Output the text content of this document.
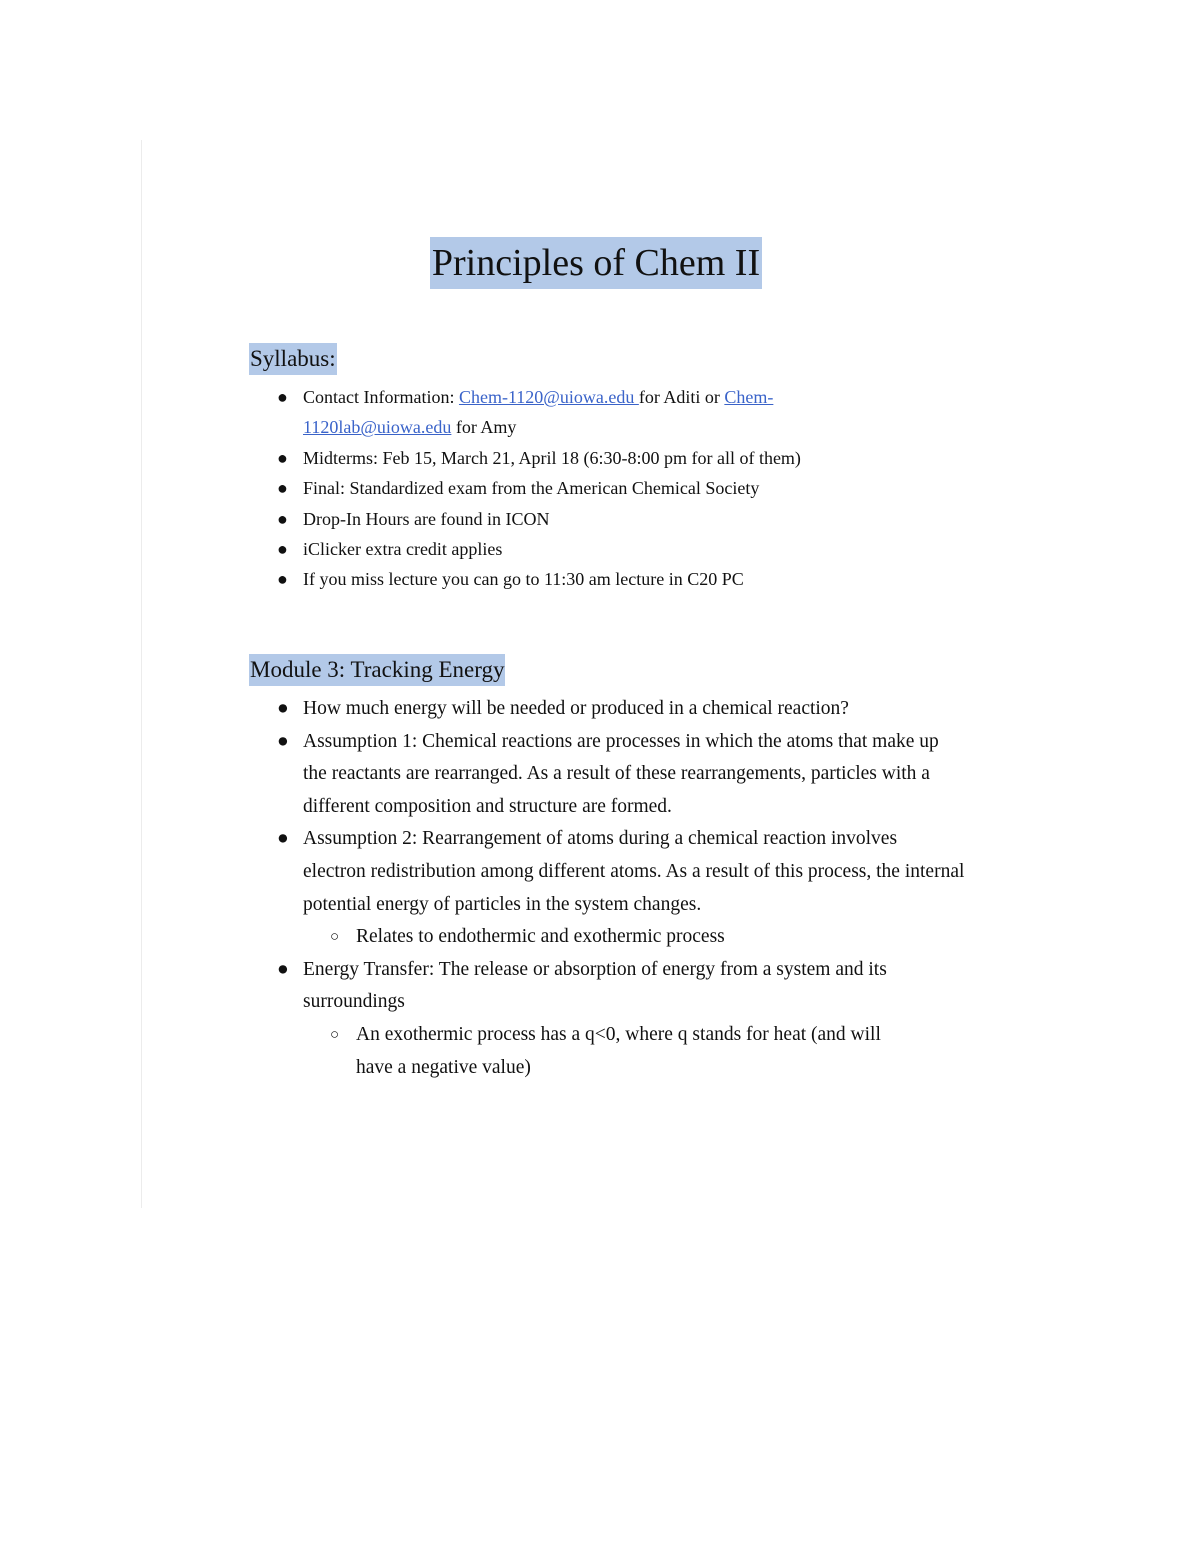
Principles of Chem II
Syllabus:
● Contact Information: Chem-1120@uiowa.edu for Aditi or Chem-
1120lab@uiowa.edu for Amy
● Midterms: Feb 15, March 21, April 18 (6:30-8:00 pm for all of them)
● Final: Standardized exam from the American Chemical Society
● Drop-In Hours are found in ICON
● iClicker extra credit applies
● If you miss lecture you can go to 11:30 am lecture in C20 PC
Module 3: Tracking Energy
● How much energy will be needed or produced in a chemical reaction?
● Assumption 1: Chemical reactions are processes in which the atoms that make up
the reactants are rearranged. As a result of these rearrangements, particles with a
different composition and structure are formed.
● Assumption 2: Rearrangement of atoms during a chemical reaction involves
electron redistribution among different atoms. As a result of this process, the internal
potential energy of particles in the system changes.
○ Relates to endothermic and exothermic process
● Energy Transfer: The release or absorption of energy from a system and its
surroundings
○ An exothermic process has a q<0, where q stands for heat (and will
have a negative value)
